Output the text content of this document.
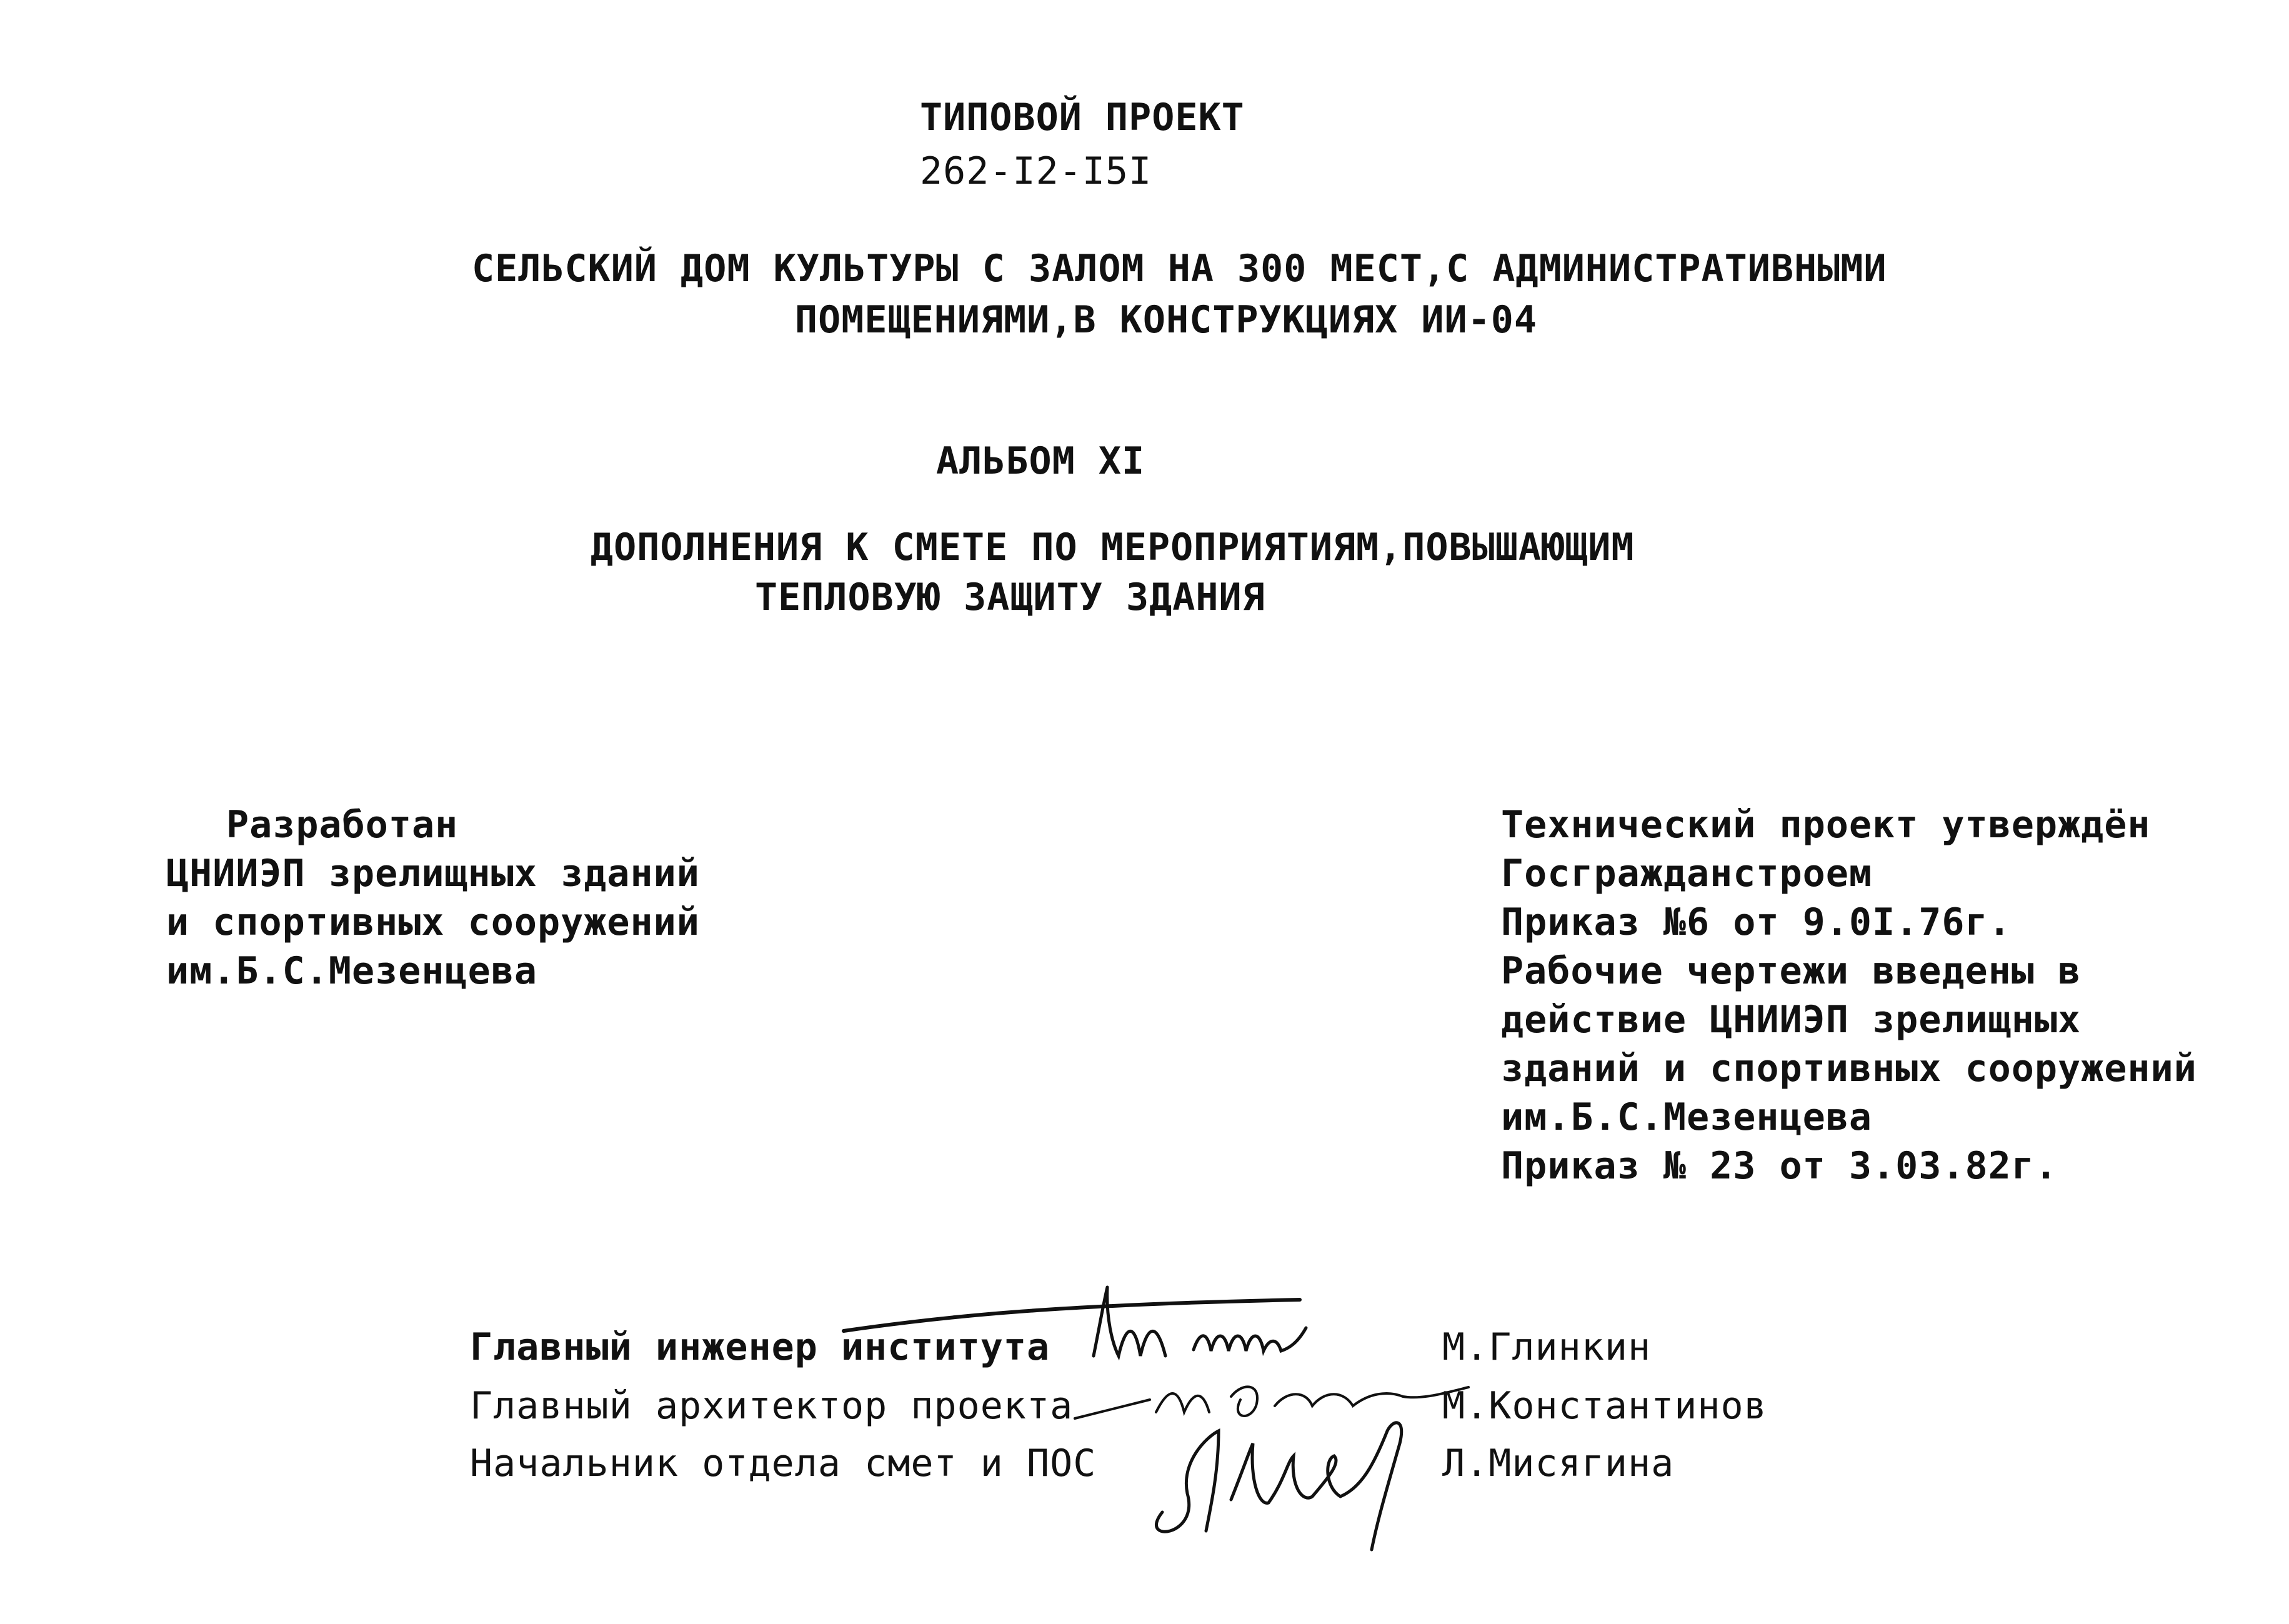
ТИПОВОЙ ПРОЕКТ
262-I2-I5I
СЕЛЬСКИЙ ДОМ КУЛЬТУРЫ С ЗАЛОМ НА 300 МЕСТ,С АДМИНИСТРАТИВНЫМИ
ПОМЕЩЕНИЯМИ,В КОНСТРУКЦИЯХ ИИ-04
АЛЬБОМ XI
ДОПОЛНЕНИЯ К СМЕТЕ ПО МЕРОПРИЯТИЯМ,ПОВЫШАЮЩИМ
ТЕПЛОВУЮ ЗАЩИТУ ЗДАНИЯ
Разработан
ЦНИИЭП зрелищных зданий
и спортивных сооружений
им.Б.С.Мезенцева
Технический проект утверждён
Госгражданстроем
Приказ №6 от 9.0I.76г.
Рабочие чертежи введены в
действие ЦНИИЭП зрелищных
зданий и спортивных сооружений
им.Б.С.Мезенцева
Приказ № 23 от 3.03.82г.
Главный инженер института	М.Глинкин
Главный архитектор проекта	М.Константинов
Начальник отдела смет и ПОС	Л.Мисягина
